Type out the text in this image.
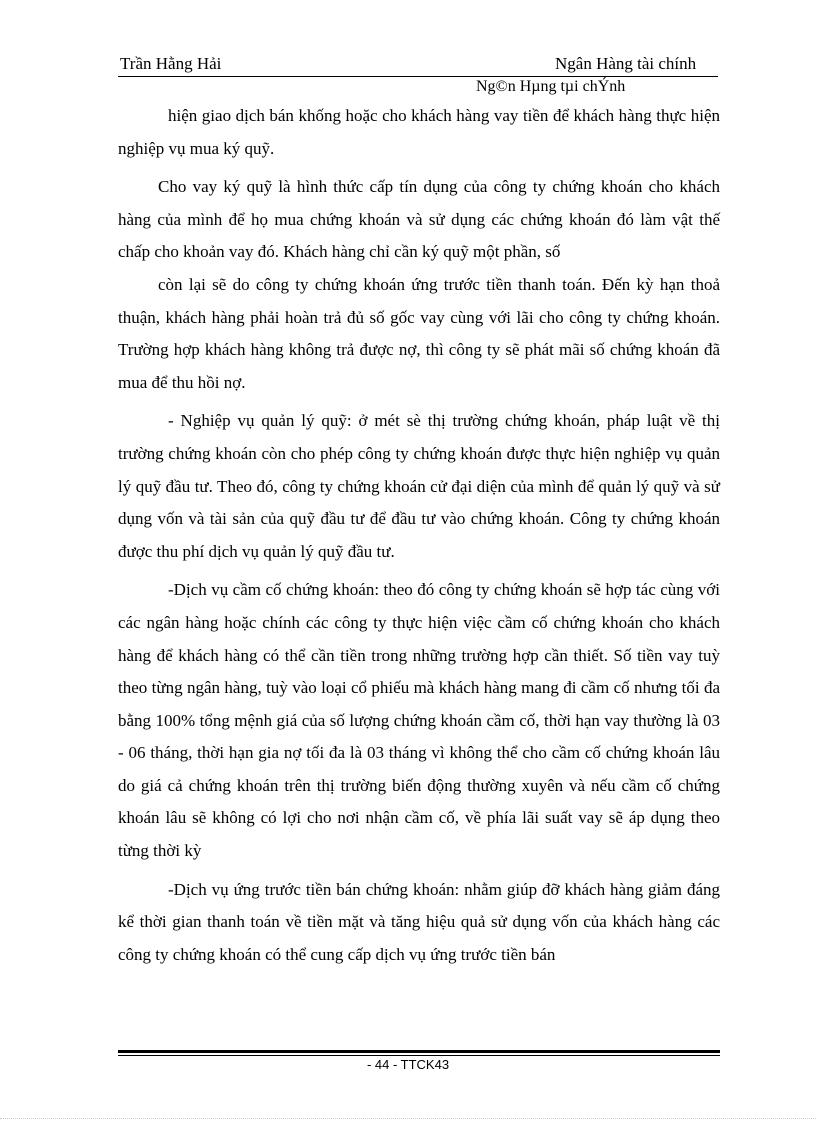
Trần Hằng Hải	Ngân Hàng tài chính
Ng©n Hµng tµi chÝnh

hiện giao dịch bán khống hoặc cho khách hàng vay tiền để khách hàng thực hiện nghiệp vụ mua ký quỹ.

Cho vay ký quỹ là hình thức cấp tín dụng của công ty chứng khoán cho khách hàng của mình để họ mua chứng khoán và sử dụng các chứng khoán đó làm vật thế chấp cho khoản vay đó. Khách hàng chỉ cần ký quỹ một phần, số

còn lại sẽ do công ty chứng khoán ứng trước tiền thanh toán. Đến kỳ hạn thoả thuận, khách hàng phải hoàn trả đủ số gốc vay cùng với lãi cho công ty chứng khoán. Trường hợp khách hàng không trả được nợ, thì công ty sẽ phát mãi số chứng khoán đã mua để thu hồi nợ.

- Nghiệp vụ quản lý quỹ: ở mét sè thị trường chứng khoán, pháp luật về thị trường chứng khoán còn cho phép công ty chứng khoán được thực hiện nghiệp vụ quản lý quỹ đầu tư. Theo đó, công ty chứng khoán cử đại diện của mình để quản lý quỹ và sử dụng vốn và tài sản của quỹ đầu tư để đầu tư vào chứng khoán. Công ty chứng khoán được thu phí dịch vụ quản lý quỹ đầu tư.

-Dịch vụ cầm cố chứng khoán: theo đó công ty chứng khoán sẽ hợp tác cùng với các ngân hàng hoặc chính các công ty thực hiện việc cầm cố chứng khoán cho khách hàng để khách hàng có thể cần tiền trong những trường hợp cần thiết. Số tiền vay tuỳ theo từng ngân hàng, tuỳ vào loại cổ phiếu mà khách hàng mang đi cầm cố nhưng tối đa bằng 100% tổng mệnh giá của số lượng chứng khoán cầm cố, thời hạn vay thường là 03 - 06 tháng, thời hạn gia nợ tối đa là 03 tháng vì không thể cho cầm cố chứng khoán lâu do giá cả chứng khoán trên thị trường biến động thường xuyên và nếu cầm cố chứng khoán lâu sẽ không có lợi cho nơi nhận cầm cố, về phía lãi suất vay sẽ áp dụng theo từng thời kỳ

-Dịch vụ ứng trước tiền bán chứng khoán: nhằm giúp đỡ khách hàng giảm đáng kể thời gian thanh toán về tiền mặt và tăng hiệu quả sử dụng vốn của khách hàng các công ty chứng khoán có thể cung cấp dịch vụ ứng trước tiền bán

- 44 - TTCK43
